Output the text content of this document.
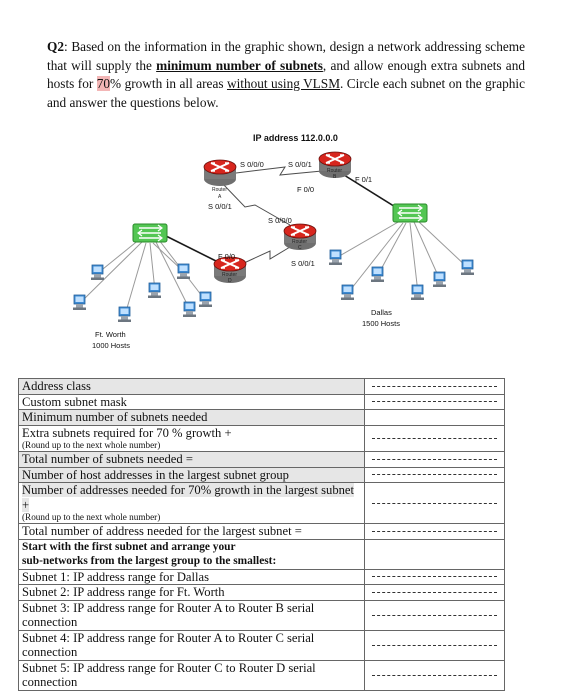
Q2: Based on the information in the graphic shown, design a network addressing scheme that will supply the minimum number of subnets, and allow enough extra subnets and hosts for 70% growth in all areas without using VLSM. Circle each subnet on the graphic and answer the questions below.
IP address 112.0.0.0
Router
A
Router
B
Router
C
Router
D
S 0/0/0	S 0/0/1
F 0/0
F 0/1
S 0/0/1
S 0/0/0
F 0/0
S 0/0/1
Ft. Worth
1000 Hosts
Dallas
1500 Hosts
Address class	

Custom subnet mask	

Minimum number of subnets needed	
Extra subnets required for 70 % growth +
(Round up to the next whole number)	

Total number of subnets needed =	

Number of host addresses in the largest subnet group	

Number of addresses needed for 70% growth in the largest subnet +
(Round up to the next whole number)	

Total number of address needed for the largest subnet =	

Start with the first subnet and arrange your
sub-networks from the largest group to the smallest:	
Subnet 1: IP address range for Dallas	

Subnet 2: IP address range for Ft. Worth	

Subnet 3: IP address range for Router A to Router B serial connection	

Subnet 4: IP address range for Router A to Router C serial connection	

Subnet 5: IP address range for Router C to Router D serial connection	
